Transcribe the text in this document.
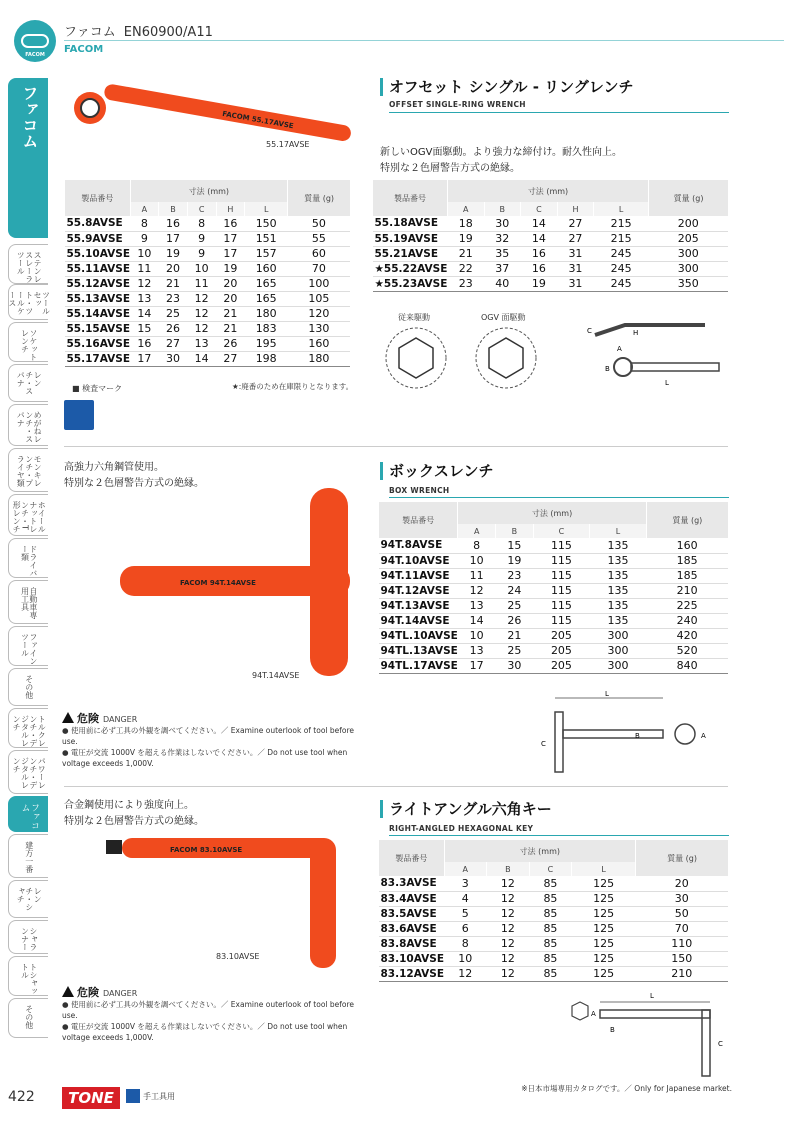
FACOM
ファコム EN60900/A11
FACOM
ファコム
ステンレスレーラツール
ツールセット・ツールケース
ソケットレンチ
レンチ・スパナ
めがねレンチ・スパナ
モンキレンチ・プライヤ類
ホイールナットレンチ・T形レンチ
ドライバー類
自動車専用工具
ファインツール
その他
トルクレンチ・デジタルレンチ
パワーレンチ・デジタルレンチ
ファコム
建方一番
レンチ・シャチ
シャランナー
トシャットル
その他
FACOM 55.17AVSE
55.17AVSE
オフセット シングル - リングレンチ
OFFSET SINGLE-RING WRENCH
新しいOGV面駆動。より強力な締付け。耐久性向上。
特別な２色層警告方式の絶縁。
製品番号	寸法 (mm)					質量 (g)
	A	B	C	H	L	
55.8AVSE	8	16	8	16	150	50
55.9AVSE	9	17	9	17	151	55
55.10AVSE	10	19	9	17	157	60
55.11AVSE	11	20	10	19	160	70
55.12AVSE	12	21	11	20	165	100
55.13AVSE	13	23	12	20	165	105
55.14AVSE	14	25	12	21	180	120
55.15AVSE	15	26	12	21	183	130
55.16AVSE	16	27	13	26	195	160
55.17AVSE	17	30	14	27	198	180
製品番号	寸法 (mm)					質量 (g)
	A	B	C	H	L	
55.18AVSE	18	30	14	27	215	200
55.19AVSE	19	32	14	27	215	205
55.21AVSE	21	35	16	31	245	300
★55.22AVSE	22	37	16	31	245	300
★55.23AVSE	23	40	19	31	245	350
■ 検査マーク	★:廃番のため在庫限りとなります。
従来駆動	OGV 面駆動
C	H
A
B
L
高強力六角鋼管使用。
特別な２色層警告方式の絶縁。
FACOM 94T.14AVSE
94T.14AVSE
ボックスレンチ
BOX WRENCH
製品番号	寸法 (mm)				質量 (g)
	A	B	C	L	
94T.8AVSE	8	15	115	135	160
94T.10AVSE	10	19	115	135	185
94T.11AVSE	11	23	115	135	185
94T.12AVSE	12	24	115	135	210
94T.13AVSE	13	25	115	135	225
94T.14AVSE	14	26	115	135	240
94TL.10AVSE	10	21	205	300	420
94TL.13AVSE	13	25	205	300	520
94TL.17AVSE	17	30	205	300	840
L
C
B	A
危険 DANGER
● 使用前に必ず工具の外観を調べてください。／ Examine outerlook of tool before use.
● 電圧が交流 1000V を超える作業はしないでください。／ Do not use tool when voltage exceeds 1,000V.
合金鋼使用により強度向上。
特別な２色層警告方式の絶縁。
FACOM 83.10AVSE
83.10AVSE
ライトアングル六角キー
RIGHT-ANGLED HEXAGONAL KEY
製品番号	寸法 (mm)				質量 (g)
	A	B	C	L	
83.3AVSE	3	12	85	125	20
83.4AVSE	4	12	85	125	30
83.5AVSE	5	12	85	125	50
83.6AVSE	6	12	85	125	70
83.8AVSE	8	12	85	125	110
83.10AVSE	10	12	85	125	150
83.12AVSE	12	12	85	125	210
L
A
B
C
危険 DANGER
● 使用前に必ず工具の外観を調べてください。／ Examine outerlook of tool before use.
● 電圧が交流 1000V を超える作業はしないでください。／ Do not use tool when voltage exceeds 1,000V.
422	TONE	手工具用
※日本市場専用カタログです。／ Only for Japanese market.
